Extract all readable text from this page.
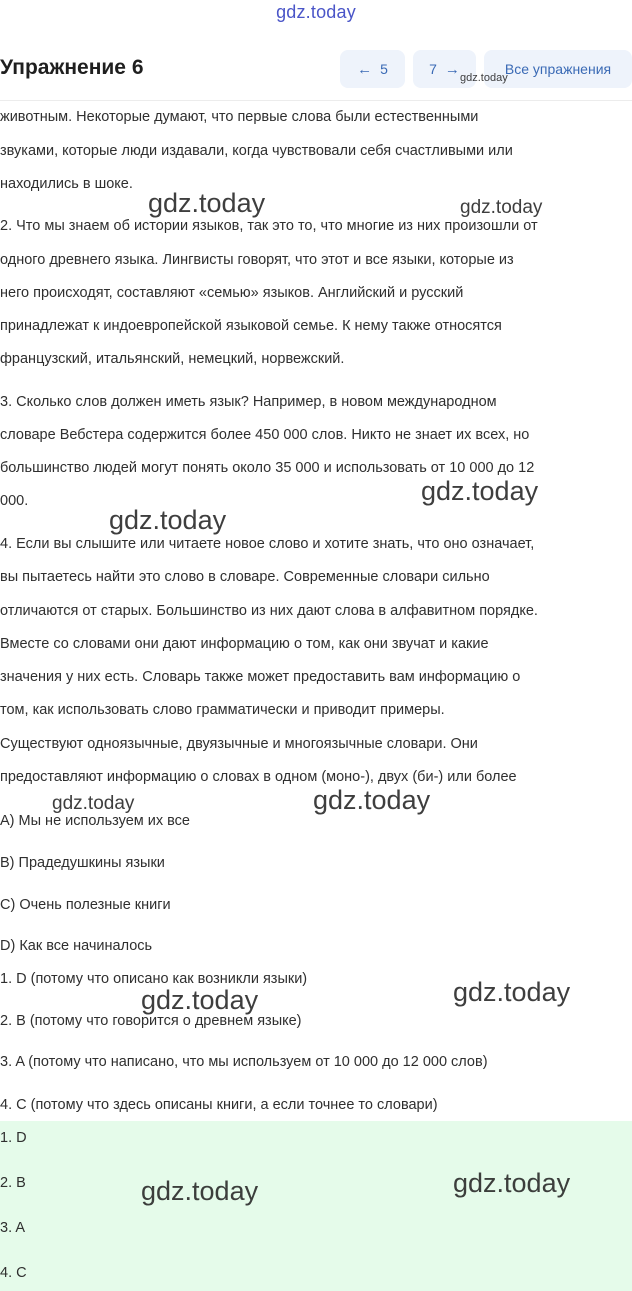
gdz.today
Упражнение 6	← 5	7 →	Все упражнения
животным. Некоторые думают, что первые слова были естественными
звуками, которые люди издавали, когда чувствовали себя счастливыми или
находились в шоке.
2. Что мы знаем об истории языков, так это то, что многие из них произошли от
одного древнего языка. Лингвисты говорят, что этот и все языки, которые из
него происходят, составляют «семью» языков. Английский и русский
принадлежат к индоевропейской языковой семье. К нему также относятся
французский, итальянский, немецкий, норвежский.
3. Сколько слов должен иметь язык? Например, в новом международном
словаре Вебстера содержится более 450 000 слов. Никто не знает их всех, но
большинство людей могут понять около 35 000 и использовать от 10 000 до 12
000.
4. Если вы слышите или читаете новое слово и хотите знать, что оно означает,
вы пытаетесь найти это слово в словаре. Современные словари сильно
отличаются от старых. Большинство из них дают слова в алфавитном порядке.
Вместе со словами они дают информацию о том, как они звучат и какие
значения у них есть. Словарь также может предоставить вам информацию о
том, как использовать слово грамматически и приводит примеры.
Существуют одноязычные, двуязычные и многоязычные словари. Они
предоставляют информацию о словах в одном (моно-), двух (би-) или более
A) Мы не используем их все
B) Прадедушкины языки
C) Очень полезные книги
D) Как все начиналось
1. D (потому что описано как возникли языки)
2. B (потому что говорится о древнем языке)
3. A (потому что написано, что мы используем от 10 000 до 12 000 слов)
4. C (потому что здесь описаны книги, а если точнее то словари)
1. D
2. B
3. A
4. C
gdz.today
gdz.today	gdz.today
gdz.today
gdz.today
gdz.today	gdz.today
gdz.today	gdz.today
gdz.today	gdz.today
